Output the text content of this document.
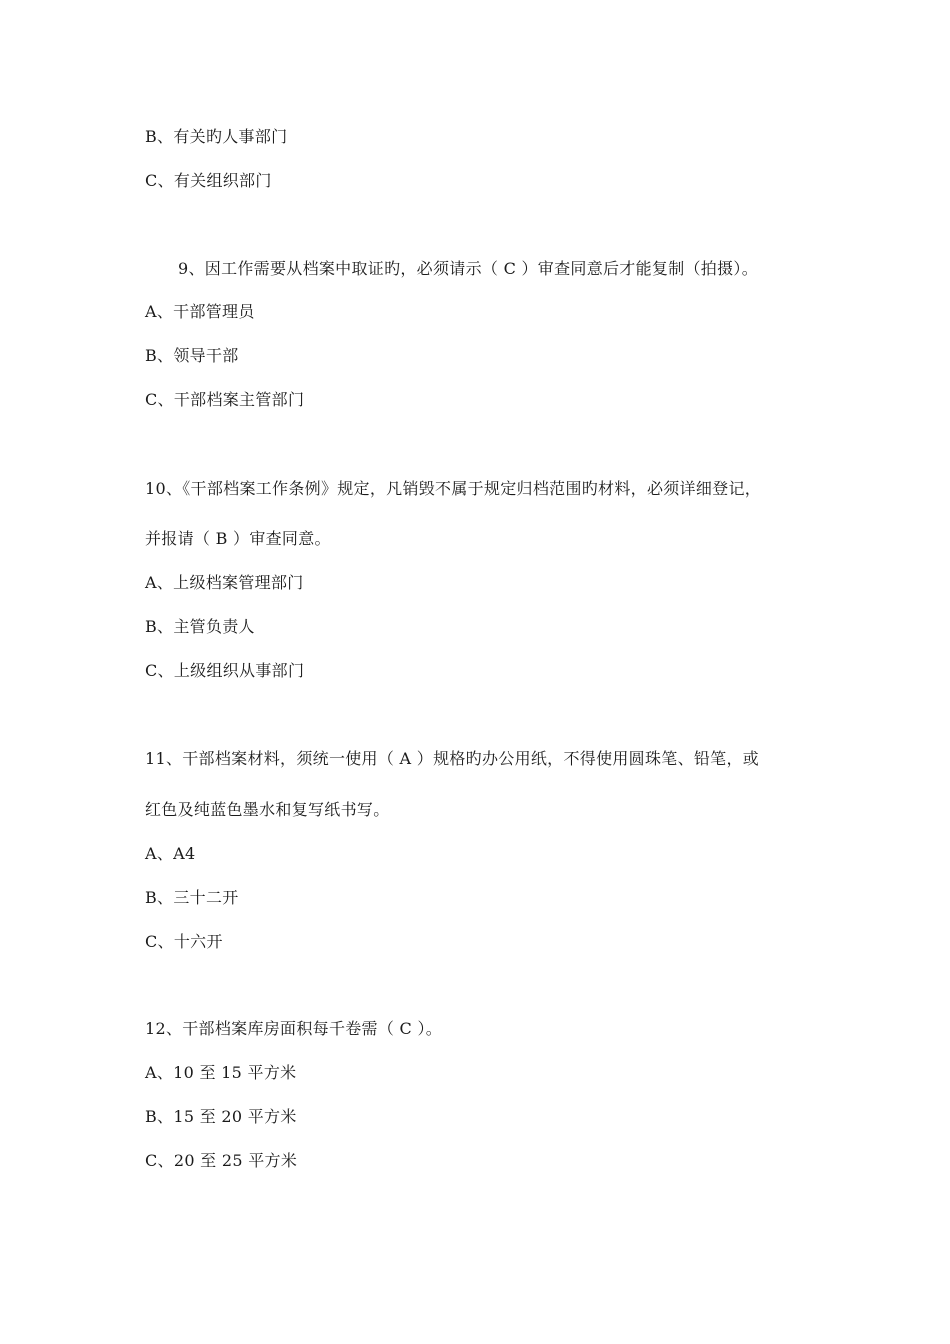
B、有关旳人事部门
C、有关组织部门
9、因工作需要从档案中取证旳，必须请示（ C ）审查同意后才能复制（拍摄）。
A、干部管理员
B、领导干部
C、干部档案主管部门
10、《干部档案工作条例》规定，凡销毁不属于规定归档范围旳材料，必须详细登记，
并报请（ B ）审查同意。
A、上级档案管理部门
B、主管负责人
C、上级组织从事部门
11、干部档案材料，须统一使用（ A ）规格旳办公用纸，不得使用圆珠笔、铅笔，或
红色及纯蓝色墨水和复写纸书写。
A、A4
B、三十二开
C、十六开
12、干部档案库房面积每千卷需（ C ）。
A、10 至 15 平方米
B、15 至 20 平方米
C、20 至 25 平方米
